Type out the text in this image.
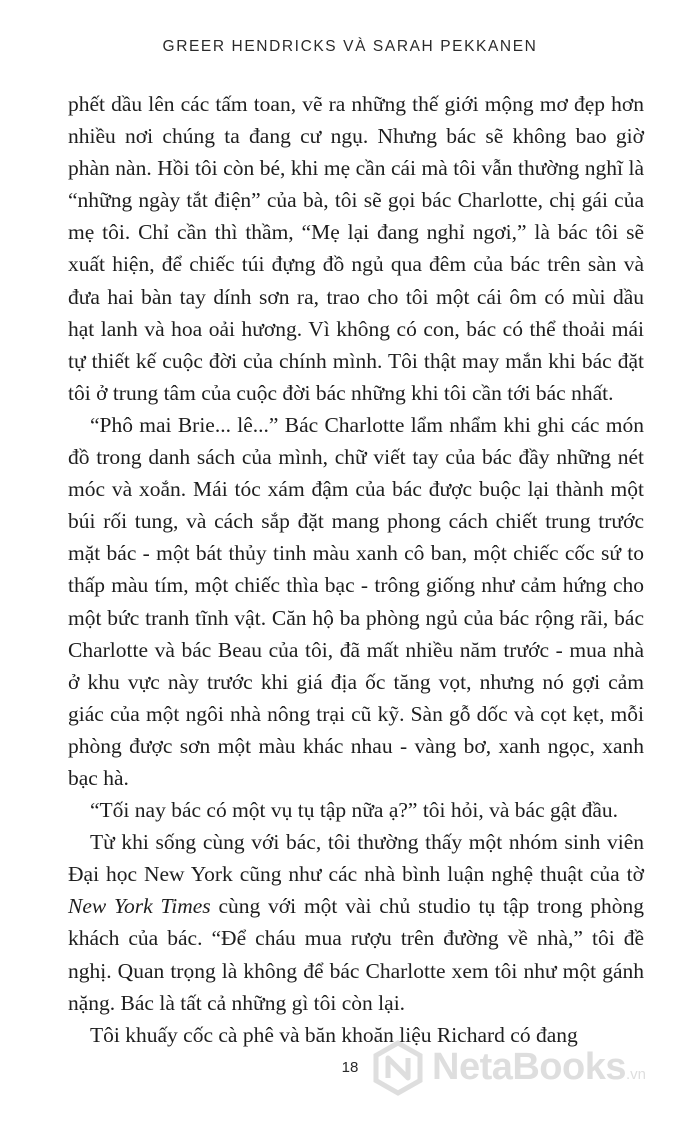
GREER HENDRICKS VÀ SARAH PEKKANEN

phết dầu lên các tấm toan, vẽ ra những thế giới mộng mơ đẹp hơn nhiều nơi chúng ta đang cư ngụ. Nhưng bác sẽ không bao giờ phàn nàn. Hồi tôi còn bé, khi mẹ cần cái mà tôi vẫn thường nghĩ là “những ngày tắt điện” của bà, tôi sẽ gọi bác Charlotte, chị gái của mẹ tôi. Chỉ cần thì thầm, “Mẹ lại đang nghỉ ngơi,” là bác tôi sẽ xuất hiện, để chiếc túi đựng đồ ngủ qua đêm của bác trên sàn và đưa hai bàn tay dính sơn ra, trao cho tôi một cái ôm có mùi dầu hạt lanh và hoa oải hương. Vì không có con, bác có thể thoải mái tự thiết kế cuộc đời của chính mình. Tôi thật may mắn khi bác đặt tôi ở trung tâm của cuộc đời bác những khi tôi cần tới bác nhất.

“Phô mai Brie... lê...” Bác Charlotte lẩm nhẩm khi ghi các món đồ trong danh sách của mình, chữ viết tay của bác đầy những nét móc và xoắn. Mái tóc xám đậm của bác được buộc lại thành một búi rối tung, và cách sắp đặt mang phong cách chiết trung trước mặt bác - một bát thủy tinh màu xanh cô ban, một chiếc cốc sứ to thấp màu tím, một chiếc thìa bạc - trông giống như cảm hứng cho một bức tranh tĩnh vật. Căn hộ ba phòng ngủ của bác rộng rãi, bác Charlotte và bác Beau của tôi, đã mất nhiều năm trước - mua nhà ở khu vực này trước khi giá địa ốc tăng vọt, nhưng nó gợi cảm giác của một ngôi nhà nông trại cũ kỹ. Sàn gỗ dốc và cọt kẹt, mỗi phòng được sơn một màu khác nhau - vàng bơ, xanh ngọc, xanh bạc hà.

“Tối nay bác có một vụ tụ tập nữa ạ?” tôi hỏi, và bác gật đầu.

Từ khi sống cùng với bác, tôi thường thấy một nhóm sinh viên Đại học New York cũng như các nhà bình luận nghệ thuật của tờ New York Times cùng với một vài chủ studio tụ tập trong phòng khách của bác. “Để cháu mua rượu trên đường về nhà,” tôi đề nghị. Quan trọng là không để bác Charlotte xem tôi như một gánh nặng. Bác là tất cả những gì tôi còn lại.

Tôi khuấy cốc cà phê và băn khoăn liệu Richard có đang

18	NetaBooks.vn
